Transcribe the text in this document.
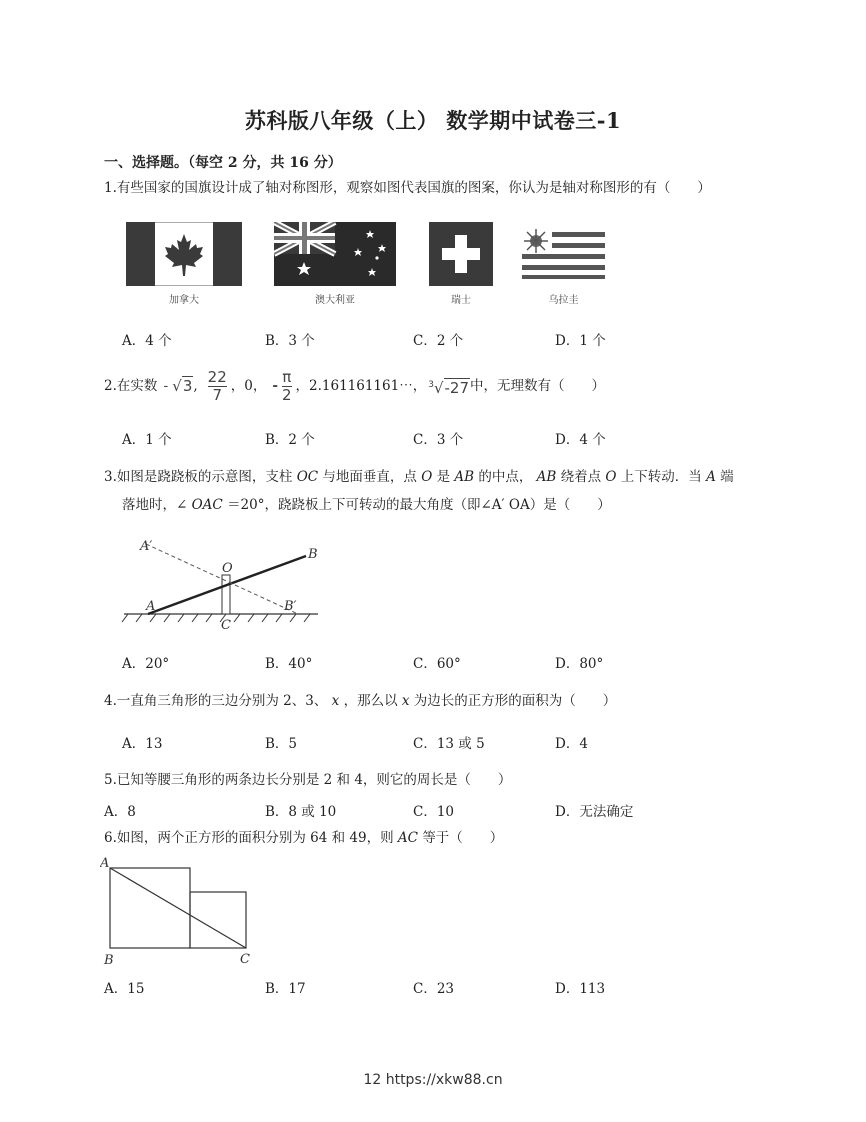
苏科版八年级（上） 数学期中试卷三-1
一、选择题。（每空 2 分，共 16 分）
1.有些国家的国旗设计成了轴对称图形，观察如图代表国旗的图案，你认为是轴对称图形的有（　　）
加拿大	澳大利亚	瑞士	乌拉圭
A．4 个	B．3 个	C．2 个	D．1 个
2.在实数 - √3 , $\frac{22}{7}$ ，0， - $\frac{\pi}{2}$ ，2.161161161⋯， $^3$√-27 中，无理数有（　　）
A．1 个	B．2 个	C．3 个	D．4 个
3.如图是跷跷板的示意图，支柱 OC 与地面垂直，点 O 是 AB 的中点， AB 绕着点 O 上下转动．当 A 端
落地时，∠ OAC ＝20°，跷跷板上下可转动的最大角度（即∠A′ OA）是（　　）
A′
B
O
A
C
B′
A．20°	B．40°	C．60°	D．80°
4.一直角三角形的三边分别为 2、3、 x ，那么以 x 为边长的正方形的面积为（　　）
A．13	B．5	C．13 或 5	D．4
5.已知等腰三角形的两条边长分别是 2 和 4，则它的周长是（　　）
A．8	B．8 或 10	C．10	D．无法确定
6.如图，两个正方形的面积分别为 64 和 49，则 AC 等于（　　）
A
B	C
A．15	B．17	C．23	D．113
12 https://xkw88.cn
